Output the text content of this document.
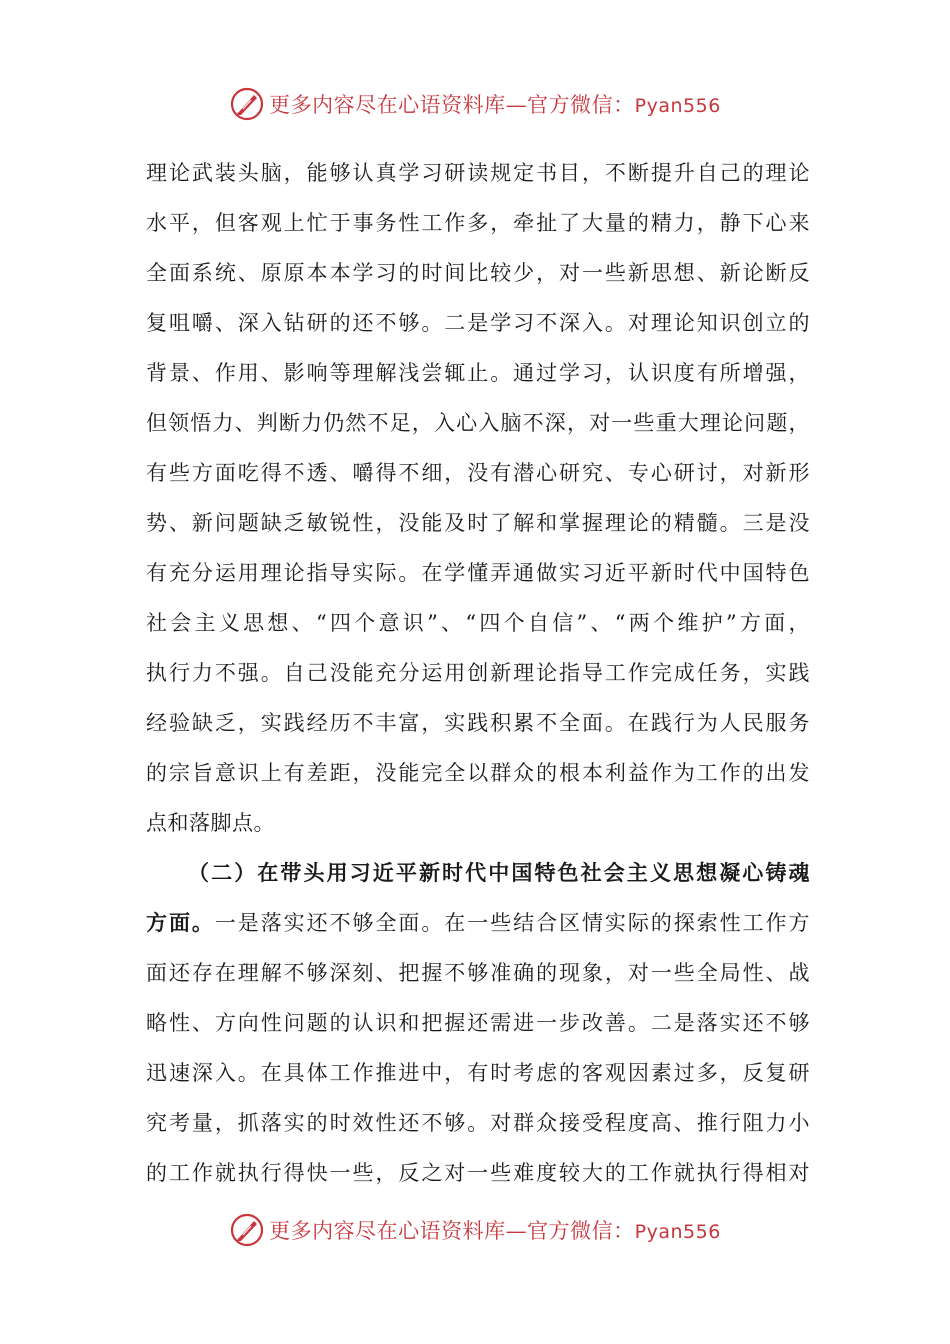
更多内容尽在心语资料库—官方微信：Pyan556
理论武装头脑，能够认真学习研读规定书目，不断提升自己的理论
水平，但客观上忙于事务性工作多，牵扯了大量的精力，静下心来
全面系统、原原本本学习的时间比较少，对一些新思想、新论断反
复咀嚼、深入钻研的还不够。二是学习不深入。对理论知识创立的
背景、作用、影响等理解浅尝辄止。通过学习，认识度有所增强，
但领悟力、判断力仍然不足，入心入脑不深，对一些重大理论问题，
有些方面吃得不透、嚼得不细，没有潜心研究、专心研讨，对新形
势、新问题缺乏敏锐性，没能及时了解和掌握理论的精髓。三是没
有充分运用理论指导实际。在学懂弄通做实习近平新时代中国特色
社会主义思想、“四个意识”、“四个自信”、“两个维护”方面，
执行力不强。自己没能充分运用创新理论指导工作完成任务，实践
经验缺乏，实践经历不丰富，实践积累不全面。在践行为人民服务
的宗旨意识上有差距，没能完全以群众的根本利益作为工作的出发
点和落脚点。
（二）在带头用习近平新时代中国特色社会主义思想凝心铸魂
方面。一是落实还不够全面。在一些结合区情实际的探索性工作方
面还存在理解不够深刻、把握不够准确的现象，对一些全局性、战
略性、方向性问题的认识和把握还需进一步改善。二是落实还不够
迅速深入。在具体工作推进中，有时考虑的客观因素过多，反复研
究考量，抓落实的时效性还不够。对群众接受程度高、推行阻力小
的工作就执行得快一些，反之对一些难度较大的工作就执行得相对
更多内容尽在心语资料库—官方微信：Pyan556
